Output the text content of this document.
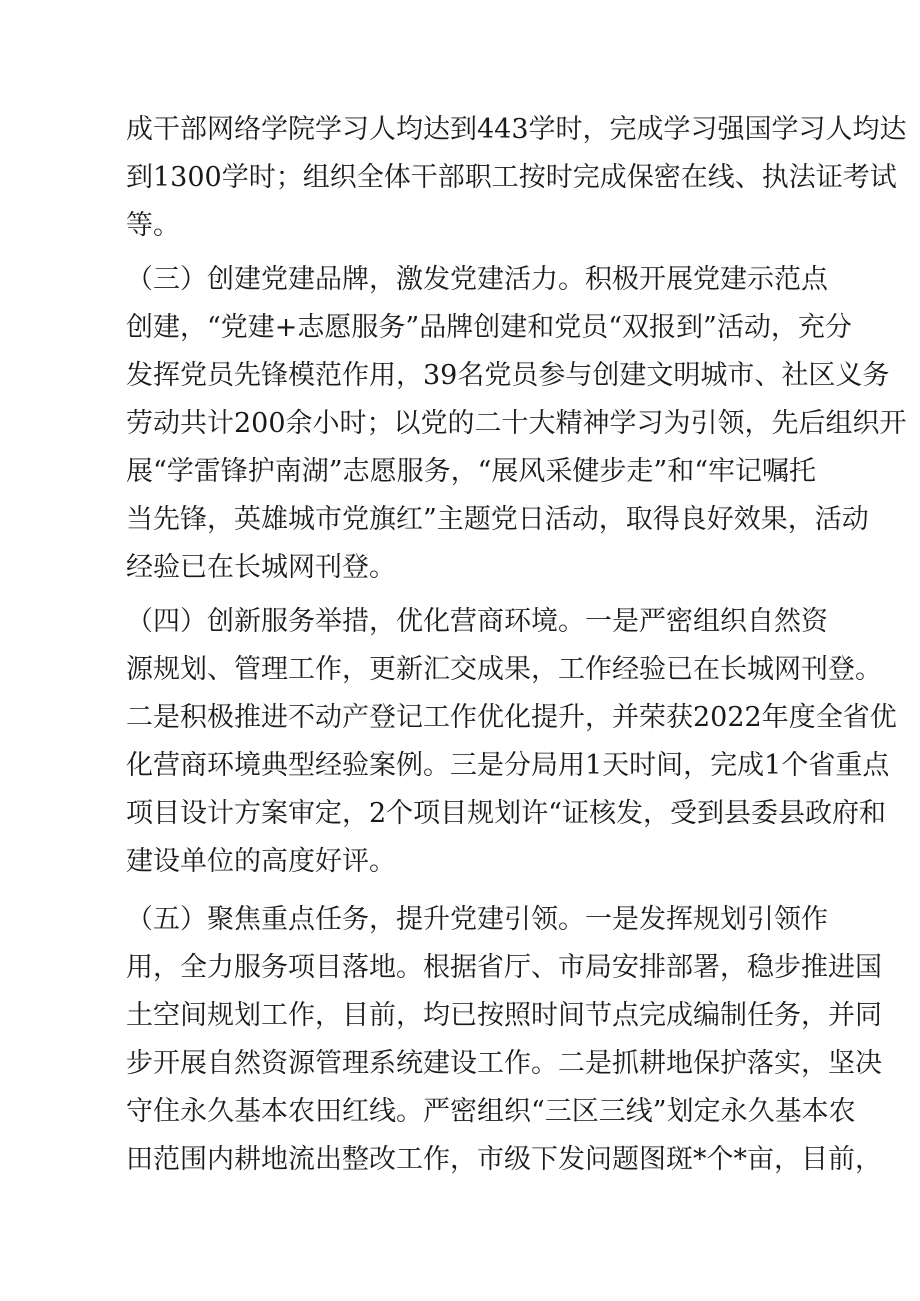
成干部网络学院学习人均达到443学时，完成学习强国学习人均达
到1300学时；组织全体干部职工按时完成保密在线、执法证考试
等。
（三）创建党建品牌，激发党建活力。积极开展党建示范点
创建，“党建+志愿服务”品牌创建和党员“双报到”活动，充分
发挥党员先锋模范作用，39名党员参与创建文明城市、社区义务
劳动共计200余小时；以党的二十大精神学习为引领，先后组织开
展“学雷锋护南湖”志愿服务，“展风采健步走”和“牢记嘱托
当先锋，英雄城市党旗红”主题党日活动，取得良好效果，活动
经验已在长城网刊登。
（四）创新服务举措，优化营商环境。一是严密组织自然资
源规划、管理工作，更新汇交成果，工作经验已在长城网刊登。
二是积极推进不动产登记工作优化提升，并荣获2022年度全省优
化营商环境典型经验案例。三是分局用1天时间，完成1个省重点
项目设计方案审定，2个项目规划许“证核发，受到县委县政府和
建设单位的高度好评。
（五）聚焦重点任务，提升党建引领。一是发挥规划引领作
用，全力服务项目落地。根据省厅、市局安排部署，稳步推进国
土空间规划工作，目前，均已按照时间节点完成编制任务，并同
步开展自然资源管理系统建设工作。二是抓耕地保护落实，坚决
守住永久基本农田红线。严密组织“三区三线”划定永久基本农
田范围内耕地流出整改工作，市级下发问题图斑*个*亩，目前，
